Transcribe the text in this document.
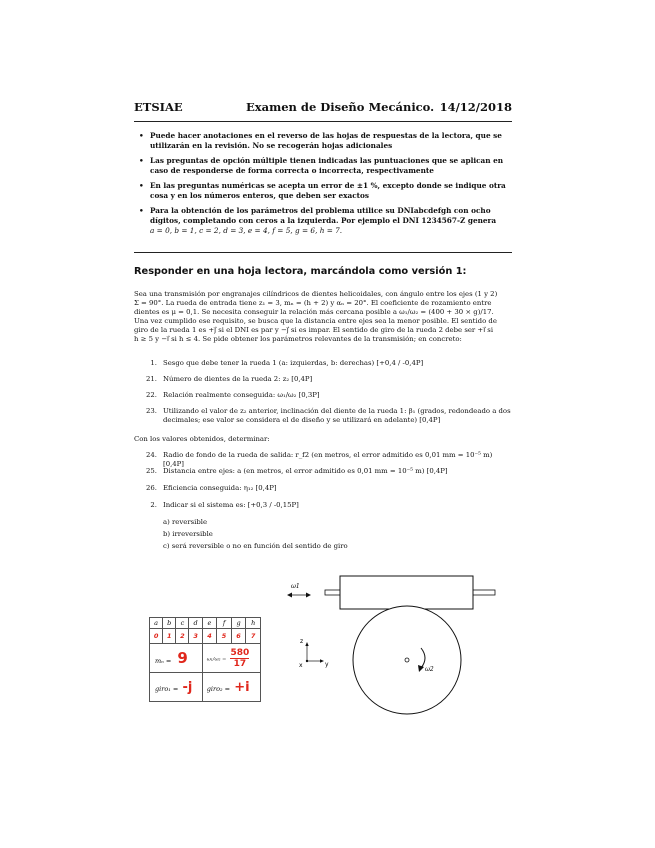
ETSIAE	Examen de Diseño Mecánico. 14/12/2018
• Puede hacer anotaciones en el reverso de las hojas de respuestas de la lectora, que se utilizarán en la revisión. No se recogerán hojas adicionales
• Las preguntas de opción múltiple tienen indicadas las puntuaciones que se aplican en caso de responderse de forma correcta o incorrecta, respectivamente
• En las preguntas numéricas se acepta un error de ±1 %, excepto donde se indique otra cosa y en los números enteros, que deben ser exactos
• Para la obtención de los parámetros del problema utilice su DNIabcdefgh con ocho dígitos, completando con ceros a la izquierda. Por ejemplo el DNI 1234567-Z genera
a = 0, b = 1, c = 2, d = 3, e = 4, f = 5, g = 6, h = 7.
Responder en una hoja lectora, marcándola como versión 1:
Sea una transmisión por engranajes cilíndricos de dientes helicoidales, con ángulo entre los ejes (1 y 2)
Σ = 90°. La rueda de entrada tiene z₁ = 3, mₙ = (h + 2) y αₙ = 20°. El coeficiente de rozamiento entre
dientes es μ = 0,1. Se necesita conseguir la relación más cercana posible a ω₁/ω₂ = (400 + 30 × g)/17.
Una vez cumplido ese requisito, se busca que la distancia entre ejes sea la menor posible. El sentido de
giro de la rueda 1 es +j⃗ si el DNI es par y −j⃗ si es impar. El sentido de giro de la rueda 2 debe ser +i⃗ si
h ≥ 5 y −i⃗ si h ≤ 4. Se pide obtener los parámetros relevantes de la transmisión; en concreto:
1. Sesgo que debe tener la rueda 1 (a: izquierdas, b: derechas) [+0,4 / -0,4P]
21. Número de dientes de la rueda 2: z₂ [0,4P]
22. Relación realmente conseguida: ω₁/ω₂ [0,3P]
23. Utilizando el valor de z₂ anterior, inclinación del diente de la rueda 1: β₁ (grados, redondeado a dos
decimales; ese valor se considera el de diseño y se utilizará en adelante) [0,4P]
Con los valores obtenidos, determinar:
24. Radio de fondo de la rueda de salida: r_f2 (en metros, el error admitido es 0,01 mm = 10⁻⁵ m) [0,4P]
25. Distancia entre ejes: a (en metros, el error admitido es 0,01 mm = 10⁻⁵ m) [0,4P]
26. Eficiencia conseguida: η₁₂ [0,4P]
2. Indicar si el sistema es: [+0,3 / -0,15P]
a) reversible
b) irreversible
c) será reversible o no en función del sentido de giro
a	b	c	d	e	f	g	h
0	1	2	3	4	5	6	7
mₙ = 9				$\omega_1/\omega_2 = \frac{580}{17}$

giro₁ = -j				giro₂ = +i			
ω1
ω2
z
x	y
